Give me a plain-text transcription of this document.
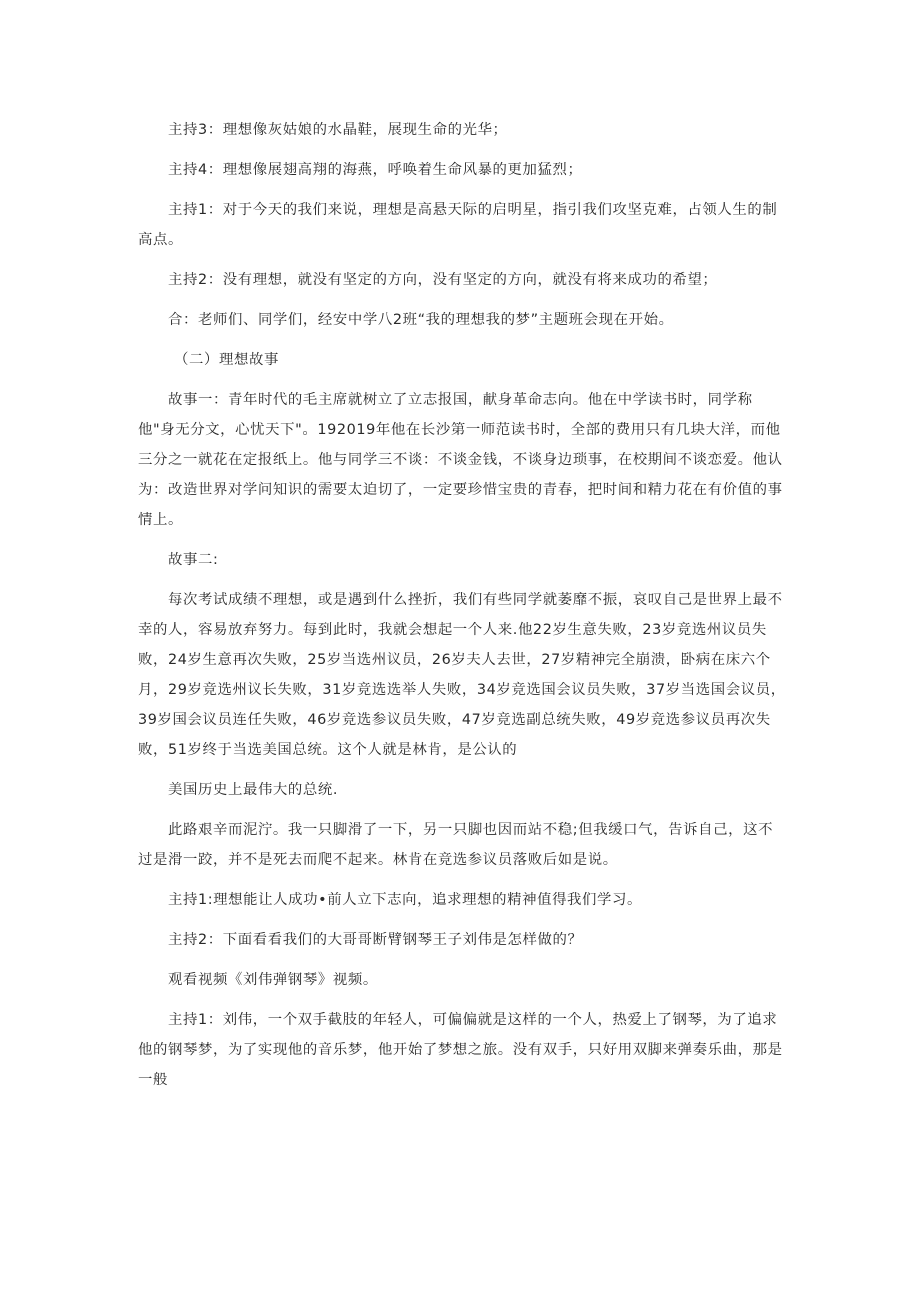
主持3：理想像灰姑娘的水晶鞋，展现生命的光华；

主持4：理想像展翅高翔的海燕，呼唤着生命风暴的更加猛烈；

主持1：对于今天的我们来说，理想是高悬天际的启明星，指引我们攻坚克难，占领人生的制高点。

主持2：没有理想，就没有坚定的方向，没有坚定的方向，就没有将来成功的希望；

合：老师们、同学们，经安中学八2班“我的理想我的梦”主题班会现在开始。

（二）理想故事

故事一：青年时代的毛主席就树立了立志报国，献身革命志向。他在中学读书时，同学称他"身无分文，心忧天下"。192019年他在长沙第一师范读书时，全部的费用只有几块大洋，而他三分之一就花在定报纸上。他与同学三不谈：不谈金钱，不谈身边琐事，在校期间不谈恋爱。他认为：改造世界对学问知识的需要太迫切了，一定要珍惜宝贵的青春，把时间和精力花在有价值的事情上。

故事二:

每次考试成绩不理想，或是遇到什么挫折，我们有些同学就萎靡不振，哀叹自己是世界上最不幸的人，容易放弃努力。每到此时，我就会想起一个人来.他22岁生意失败，23岁竞选州议员失败，24岁生意再次失败，25岁当选州议员，26岁夫人去世，27岁精神完全崩溃，卧病在床六个月，29岁竞选州议长失败，31岁竞选选举人失败，34岁竞选国会议员失败，37岁当选国会议员，39岁国会议员连任失败，46岁竞选参议员失败，47岁竞选副总统失败，49岁竞选参议员再次失败，51岁终于当选美国总统。这个人就是林肯，是公认的

美国历史上最伟大的总统.

此路艰辛而泥泞。我一只脚滑了一下，另一只脚也因而站不稳;但我缓口气，告诉自己，这不过是滑一跤，并不是死去而爬不起来。林肯在竞选参议员落败后如是说。

主持1:理想能让人成功•前人立下志向，追求理想的精神值得我们学习。

主持2：下面看看我们的大哥哥断臂钢琴王子刘伟是怎样做的？

观看视频《刘伟弹钢琴》视频。

主持1：刘伟，一个双手截肢的年轻人，可偏偏就是这样的一个人，热爱上了钢琴，为了追求他的钢琴梦，为了实现他的音乐梦，他开始了梦想之旅。没有双手，只好用双脚来弹奏乐曲，那是一般
